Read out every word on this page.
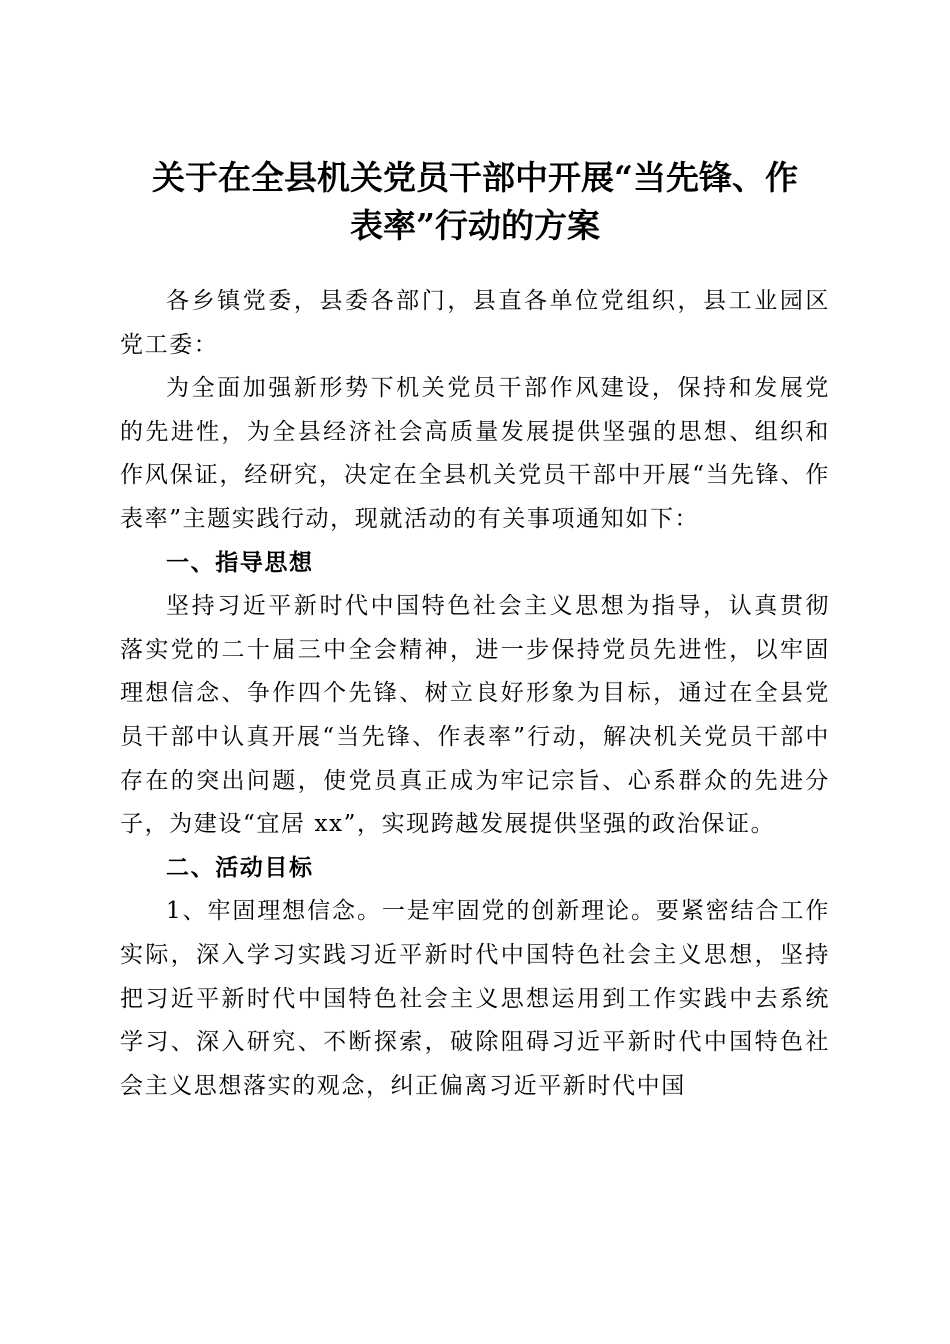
关于在全县机关党员干部中开展“当先锋、作
表率”行动的方案

各乡镇党委，县委各部门，县直各单位党组织，县工业园区党工委：

为全面加强新形势下机关党员干部作风建设，保持和发展党的先进性，为全县经济社会高质量发展提供坚强的思想、组织和作风保证，经研究，决定在全县机关党员干部中开展“当先锋、作表率”主题实践行动，现就活动的有关事项通知如下：

一、指导思想

坚持习近平新时代中国特色社会主义思想为指导，认真贯彻落实党的二十届三中全会精神，进一步保持党员先进性，以牢固理想信念、争作四个先锋、树立良好形象为目标，通过在全县党员干部中认真开展“当先锋、作表率”行动，解决机关党员干部中存在的突出问题，使党员真正成为牢记宗旨、心系群众的先进分子，为建设“宜居 xx”，实现跨越发展提供坚强的政治保证。

二、活动目标

1、牢固理想信念。一是牢固党的创新理论。要紧密结合工作实际，深入学习实践习近平新时代中国特色社会主义思想，坚持把习近平新时代中国特色社会主义思想运用到工作实践中去系统学习、深入研究、不断探索，破除阻碍习近平新时代中国特色社会主义思想落实的观念，纠正偏离习近平新时代中国
